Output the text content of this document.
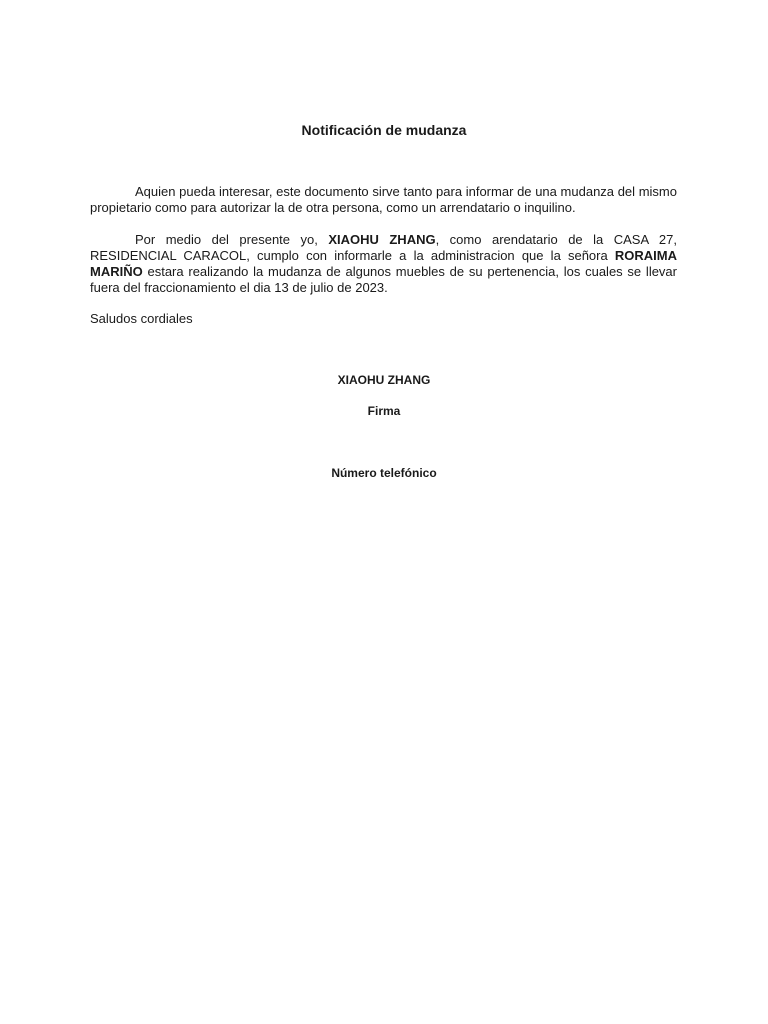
Notificación de mudanza

Aquien pueda interesar, este documento sirve tanto para informar de una mudanza del mismo propietario como para autorizar la de otra persona, como un arrendatario o inquilino.

Por medio del presente yo, XIAOHU ZHANG, como arendatario de la CASA 27, RESIDENCIAL CARACOL, cumplo con informarle a la administracion que la señora RORAIMA MARIÑO estara realizando la mudanza de algunos muebles de su pertenencia, los cuales se llevar fuera del fraccionamiento el dia 13 de julio de 2023.

Saludos cordiales

XIAOHU ZHANG
Firma
Número telefónico
